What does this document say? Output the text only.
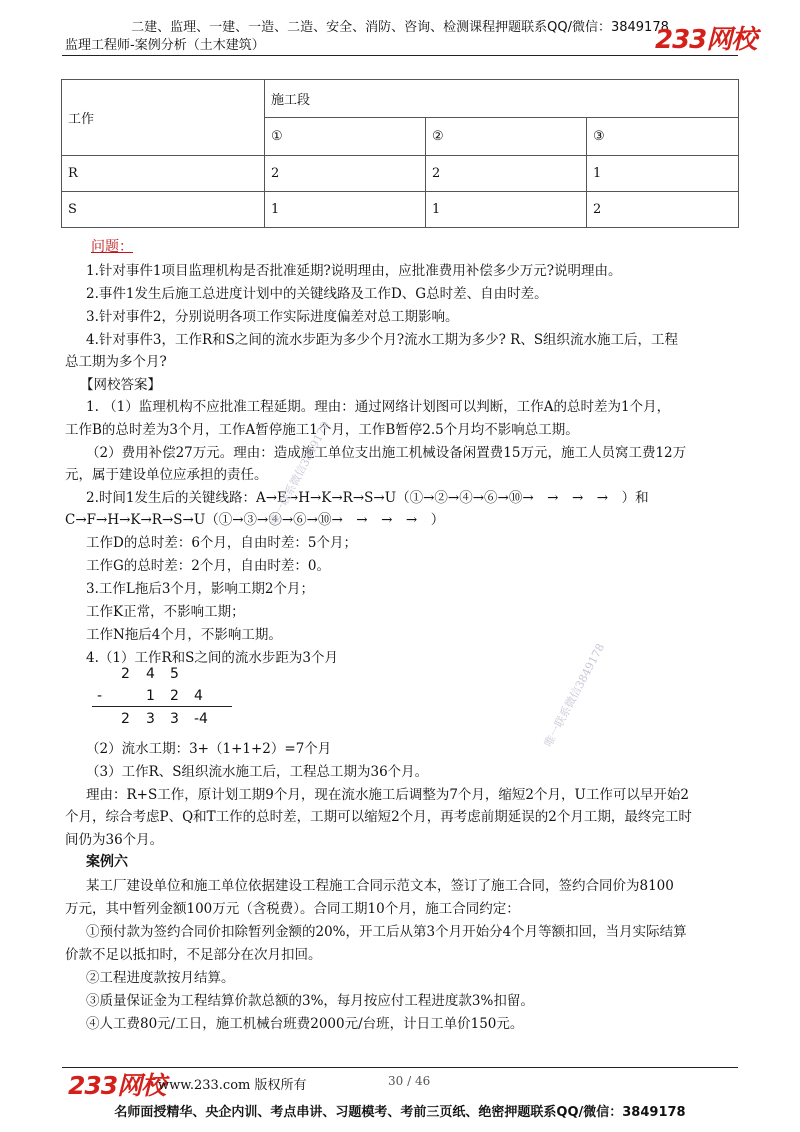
二建、监理、一建、一造、二造、安全、消防、咨询、检测课程押题联系QQ/微信：3849178
监理工程师-案例分析（土木建筑）	233网校
工作	施工段		
	①	②	③
R	2	2	1
S	1	1	2
问题：
1.针对事件1项目监理机构是否批准延期?说明理由，应批准费用补偿多少万元?说明理由。
2.事件1发生后施工总进度计划中的关键线路及工作D、G总时差、自由时差。
3.针对事件2，分别说明各项工作实际进度偏差对总工期影响。
4.针对事件3，工作R和S之间的流水步距为多少个月?流水工期为多少? R、S组织流水施工后，工程
总工期为多个月?
【网校答案】
1. （1）监理机构不应批准工程延期。理由：通过网络计划图可以判断，工作A的总时差为1个月，
工作B的总时差为3个月，工作A暂停施工1个月，工作B暂停2.5个月均不影响总工期。
（2）费用补偿27万元。理由：造成施工单位支出施工机械设备闲置费15万元，施工人员窝工费12万
元，属于建设单位应承担的责任。
2.时间1发生后的关键线路：A→E→H→K→R→S→U（①→②→④→⑥→⑩→　→　→　→　）和
C→F→H→K→R→S→U（①→③→④→⑥→⑩→　→　→　→　）
工作D的总时差：6个月，自由时差：5个月；
工作G的总时差：2个月，自由时差：0。
3.工作L拖后3个月，影响工期2个月；
工作K正常，不影响工期；
工作N拖后4个月，不影响工期。
4.（1）工作R和S之间的流水步距为3个月
2 4 5
-	1 2 4
2 3 3 -4
（2）流水工期：3+（1+1+2）=7个月
（3）工作R、S组织流水施工后，工程总工期为36个月。
理由：R+S工作，原计划工期9个月，现在流水施工后调整为7个月，缩短2个月，U工作可以早开始2
个月，综合考虑P、Q和T工作的总时差，工期可以缩短2个月，再考虑前期延误的2个月工期，最终完工时
间仍为36个月。
案例六
某工厂建设单位和施工单位依据建设工程施工合同示范文本，签订了施工合同，签约合同价为8100
万元，其中暂列金额100万元（含税费）。合同工期10个月，施工合同约定：
①预付款为签约合同价扣除暂列金额的20%，开工后从第3个月开始分4个月等额扣回，当月实际结算
价款不足以抵扣时，不足部分在次月扣回。
②工程进度款按月结算。
③质量保证金为工程结算价款总额的3%，每月按应付工程进度款3%扣留。
④人工费80元/工日，施工机械台班费2000元/台班，计日工单价150元。
唯一联系微信3849178
唯一联系微信3849178
233网校
www.233.com 版权所有	30 / 46
名师面授精华、央企内训、考点串讲、习题模考、考前三页纸、绝密押题联系QQ/微信：3849178
